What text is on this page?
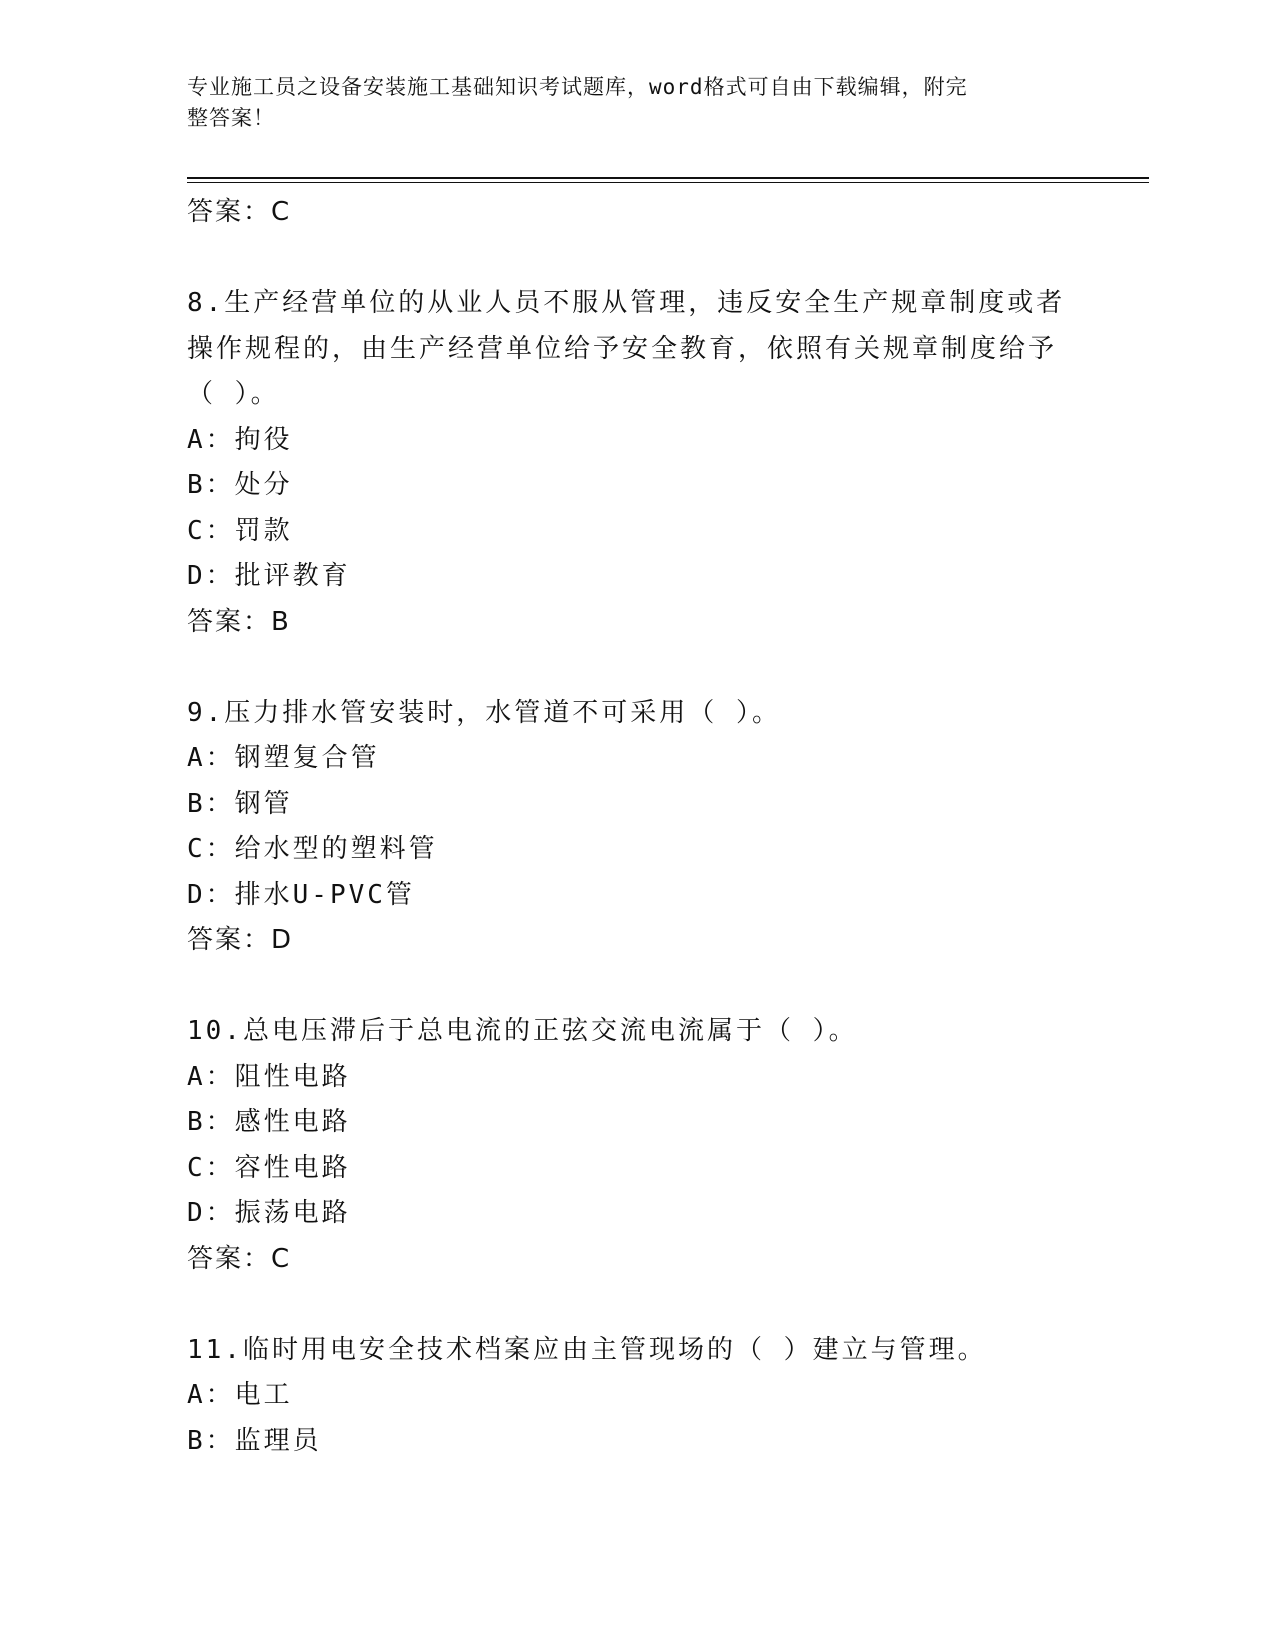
专业施工员之设备安装施工基础知识考试题库，word格式可自由下载编辑，附完
整答案！
答案：C
8.生产经营单位的从业人员不服从管理，违反安全生产规章制度或者
操作规程的，由生产经营单位给予安全教育，依照有关规章制度给予
（ ）。
A：拘役
B：处分
C：罚款
D：批评教育
答案：B
9.压力排水管安装时，水管道不可采用（ ）。
A：钢塑复合管
B：钢管
C：给水型的塑料管
D：排水U-PVC管
答案：D
10.总电压滞后于总电流的正弦交流电流属于（ ）。
A：阻性电路
B：感性电路
C：容性电路
D：振荡电路
答案：C
11.临时用电安全技术档案应由主管现场的（ ）建立与管理。
A：电工
B：监理员
